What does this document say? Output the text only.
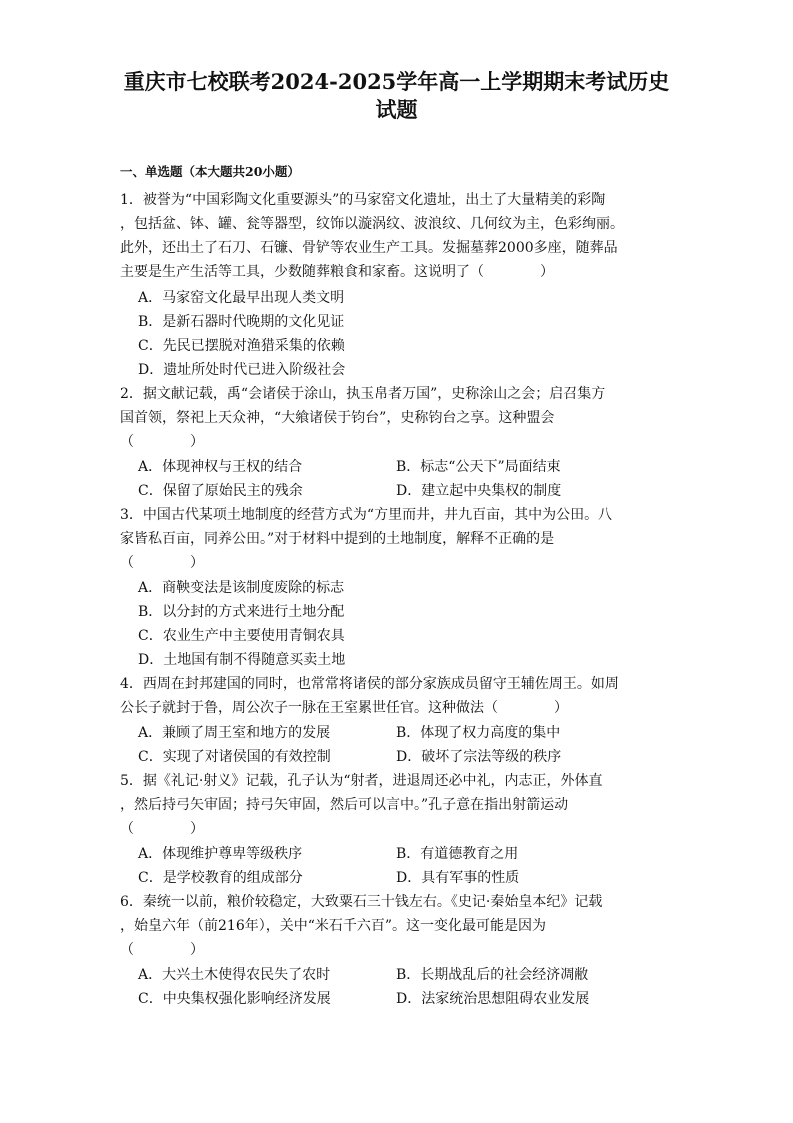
重庆市七校联考2024-2025学年高一上学期期末考试历史
试题
一、单选题（本大题共20小题）
1．被誉为“中国彩陶文化重要源头”的马家窑文化遗址，出土了大量精美的彩陶
，包括盆、钵、罐、瓮等器型，纹饰以漩涡纹、波浪纹、几何纹为主，色彩绚丽。
此外，还出土了石刀、石镰、骨铲等农业生产工具。发掘墓葬2000多座，随葬品
主要是生产生活等工具，少数随葬粮食和家畜。这说明了（　　　　）
A．马家窑文化最早出现人类文明
B．是新石器时代晚期的文化见证
C．先民已摆脱对渔猎采集的依赖
D．遗址所处时代已进入阶级社会
2．据文献记载，禹“会诸侯于涂山，执玉帛者万国”，史称涂山之会；启召集方
国首领，祭祀上天众神，“大飨诸侯于钧台”，史称钧台之享。这种盟会
（　　　　）
A．体现神权与王权的结合	B．标志“公天下”局面结束
C．保留了原始民主的残余	D．建立起中央集权的制度
3．中国古代某项土地制度的经营方式为“方里而井，井九百亩，其中为公田。八
家皆私百亩，同养公田。”对于材料中提到的土地制度，解释不正确的是
（　　　　）
A．商鞅变法是该制度废除的标志
B．以分封的方式来进行土地分配
C．农业生产中主要使用青铜农具
D．土地国有制不得随意买卖土地
4．西周在封邦建国的同时，也常常将诸侯的部分家族成员留守王辅佐周王。如周
公长子就封于鲁，周公次子一脉在王室累世任官。这种做法（　　　　）
A．兼顾了周王室和地方的发展	B．体现了权力高度的集中
C．实现了对诸侯国的有效控制	D．破坏了宗法等级的秩序
5．据《礼记·射义》记载，孔子认为“射者，进退周还必中礼，内志正，外体直
，然后持弓矢审固；持弓矢审固，然后可以言中。”孔子意在指出射箭运动
（　　　　）
A．体现维护尊卑等级秩序	B．有道德教育之用
C．是学校教育的组成部分	D．具有军事的性质
6．秦统一以前，粮价较稳定，大致粟石三十钱左右。《史记·秦始皇本纪》记载
，始皇六年（前216年），关中“米石千六百”。这一变化最可能是因为
（　　　　）
A．大兴土木使得农民失了农时	B．长期战乱后的社会经济凋敝
C．中央集权强化影响经济发展	D．法家统治思想阻碍农业发展
